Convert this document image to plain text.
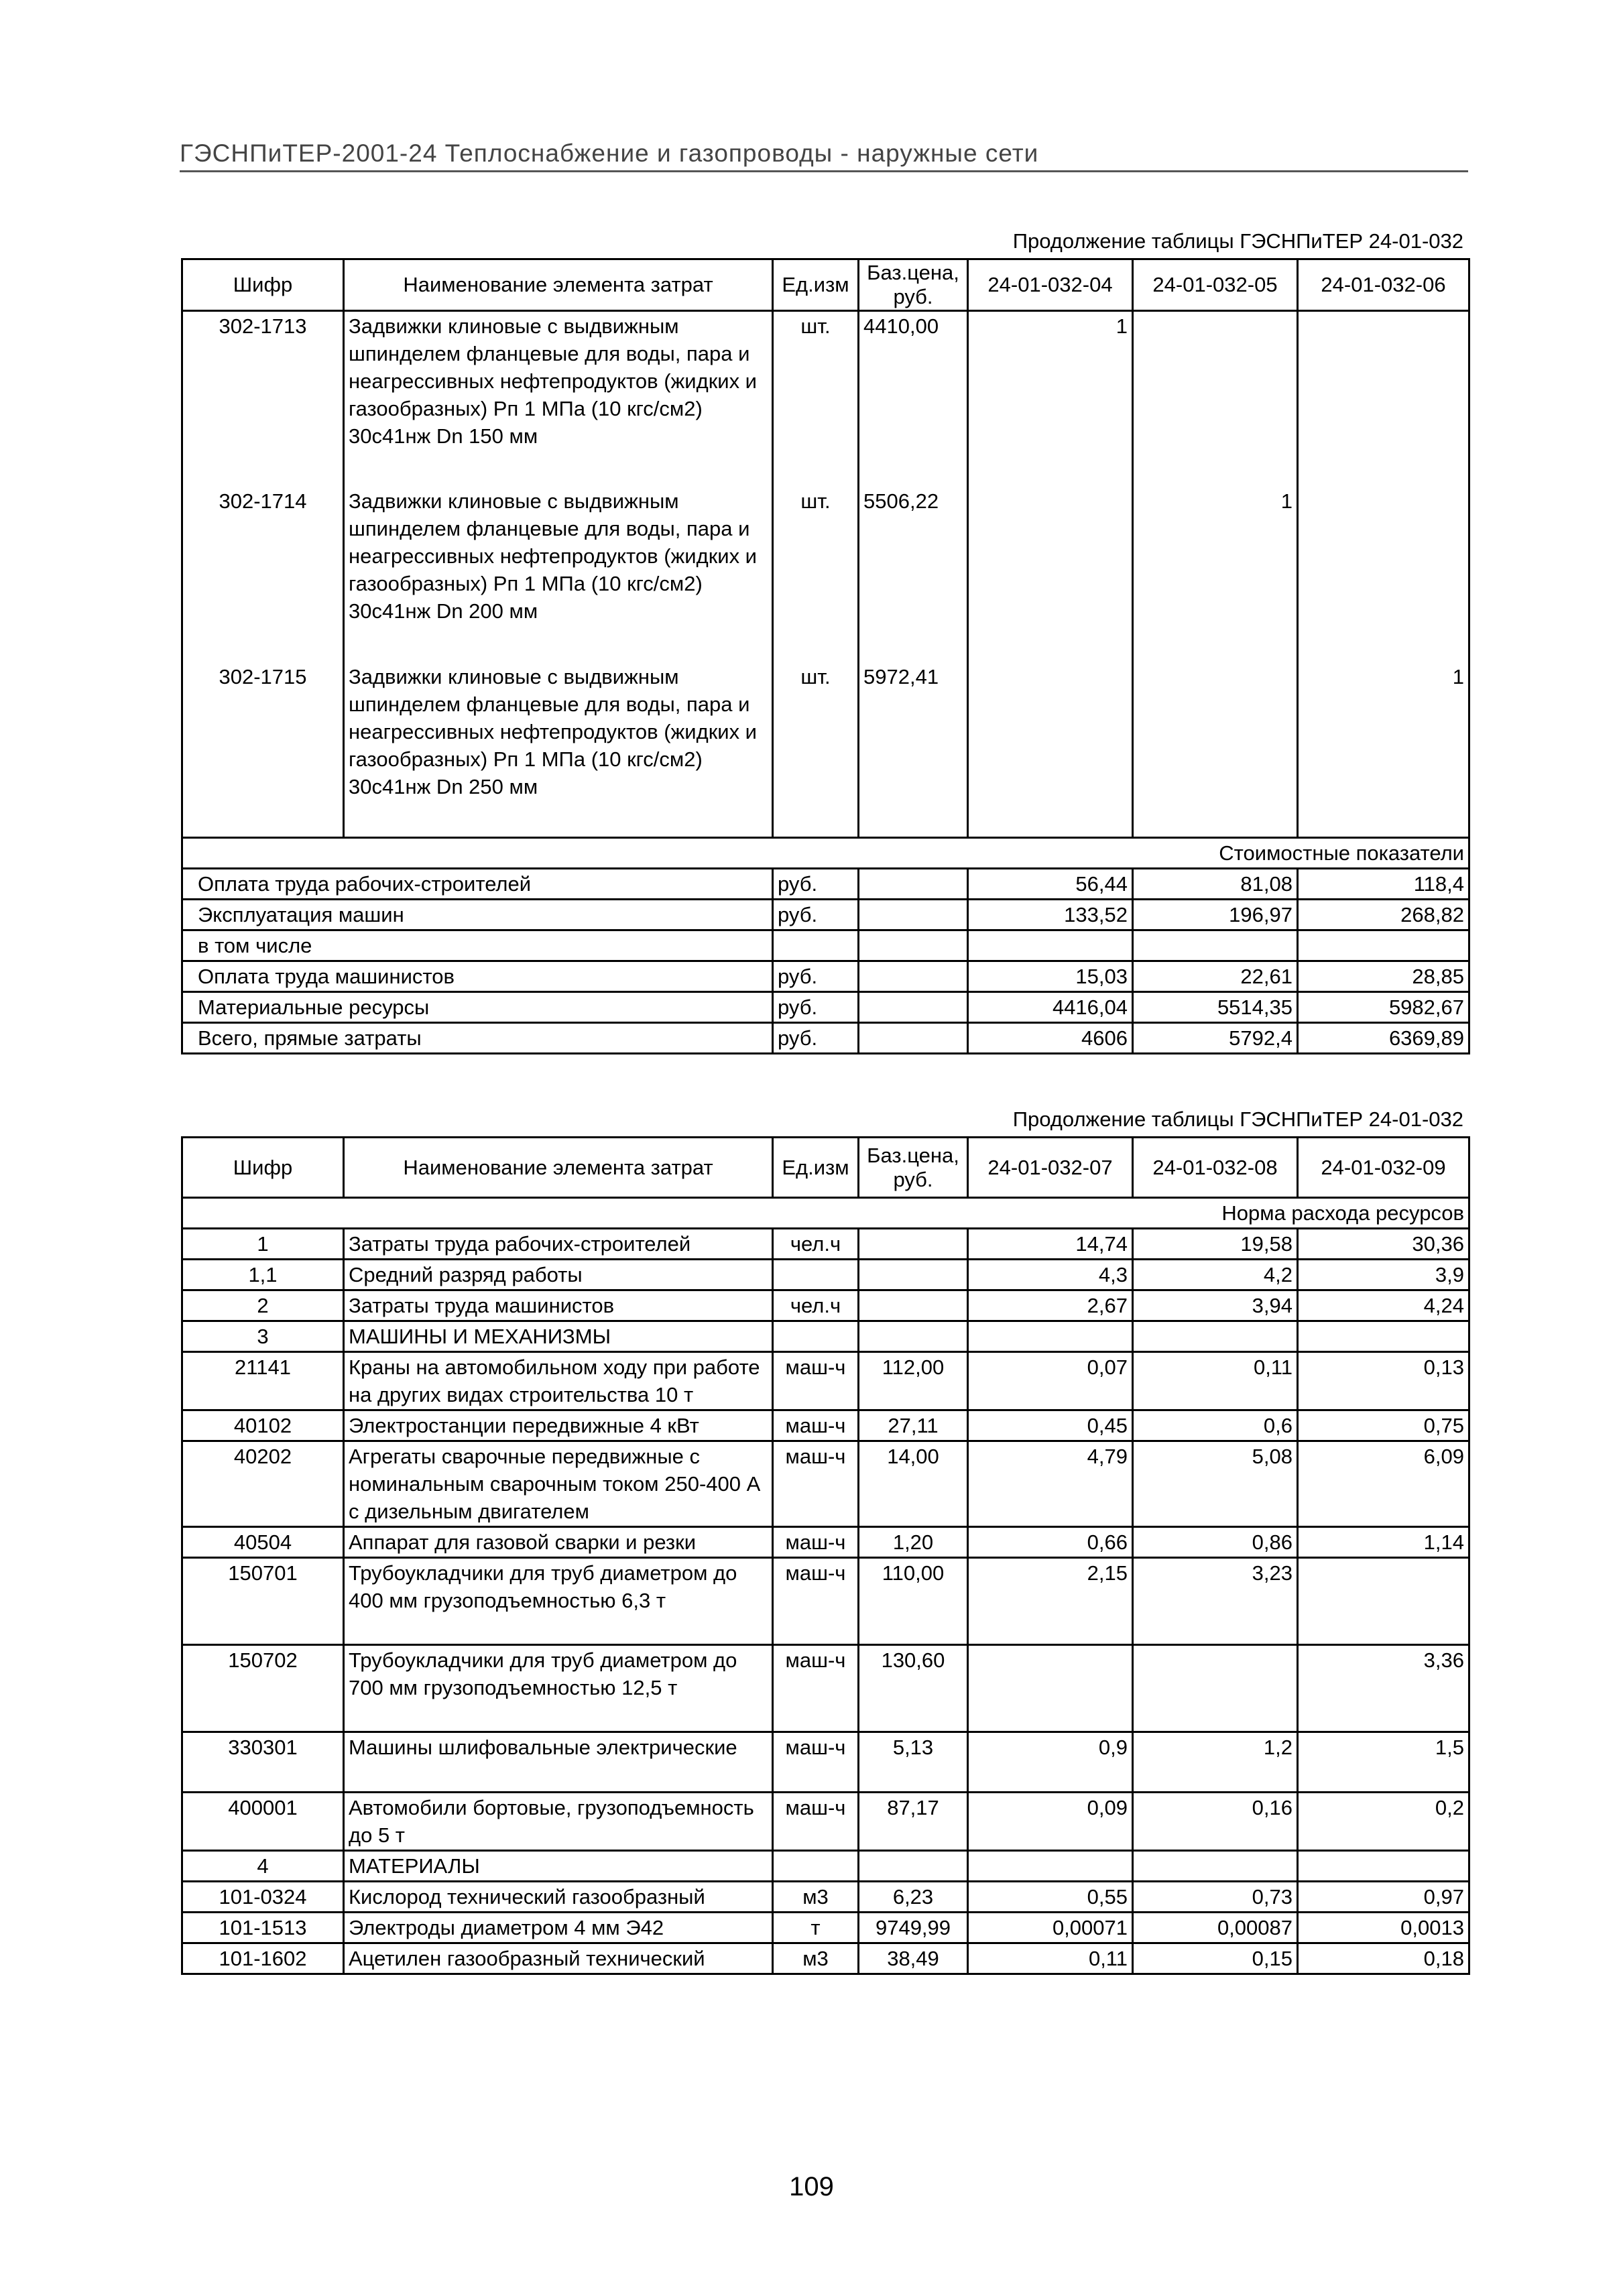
ГЭСНПиТЕР-2001-24 Теплоснабжение и газопроводы - наружные сети
Продолжение таблицы ГЭСНПиТЕР 24-01-032
Шифр	Наименование элемента затрат	Ед.изм	Баз.цена, руб.	24-01-032-04	24-01-032-05	24-01-032-06
302-1713	Задвижки клиновые с выдвижным шпинделем фланцевые для воды, пара и неагрессивных нефтепродуктов (жидких и газообразных) Рп 1 МПа (10 кгс/см2) 30с41нж Dn 150 мм	шт.	4410,00	1		
302-1714	Задвижки клиновые с выдвижным шпинделем фланцевые для воды, пара и неагрессивных нефтепродуктов (жидких и газообразных) Рп 1 МПа (10 кгс/см2) 30с41нж Dn 200 мм	шт.	5506,22		1	
302-1715	Задвижки клиновые с выдвижным шпинделем фланцевые для воды, пара и неагрессивных нефтепродуктов (жидких и газообразных) Рп 1 МПа (10 кгс/см2) 30с41нж Dn 250 мм	шт.	5972,41			1
Стоимостные показатели						
Оплата труда рабочих-строителей		руб.		56,44	81,08	118,4
Эксплуатация машин		руб.		133,52	196,97	268,82
в том числе						
Оплата труда машинистов		руб.		15,03	22,61	28,85
Материальные ресурсы		руб.		4416,04	5514,35	5982,67
Всего, прямые затраты		руб.		4606	5792,4	6369,89
Продолжение таблицы ГЭСНПиТЕР 24-01-032
Шифр	Наименование элемента затрат	Ед.изм	Баз.цена, руб.	24-01-032-07	24-01-032-08	24-01-032-09
Норма расхода ресурсов						
1	Затраты труда рабочих-строителей	чел.ч		14,74	19,58	30,36
1,1	Средний разряд работы			4,3	4,2	3,9
2	Затраты труда машинистов	чел.ч		2,67	3,94	4,24
3	МАШИНЫ И МЕХАНИЗМЫ					
21141	Краны на автомобильном ходу при работе на других видах строительства 10 т	маш-ч	112,00	0,07	0,11	0,13
40102	Электростанции передвижные 4 кВт	маш-ч	27,11	0,45	0,6	0,75
40202	Агрегаты сварочные передвижные с номинальным сварочным током 250-400 А с дизельным двигателем	маш-ч	14,00	4,79	5,08	6,09
40504	Аппарат для газовой сварки и резки	маш-ч	1,20	0,66	0,86	1,14
150701	Трубоукладчики для труб диаметром до 400 мм грузоподъемностью 6,3 т	маш-ч	110,00	2,15	3,23	
150702	Трубоукладчики для труб диаметром до 700 мм грузоподъемностью 12,5 т	маш-ч	130,60			3,36
330301	Машины шлифовальные электрические	маш-ч	5,13	0,9	1,2	1,5
400001	Автомобили бортовые, грузоподъемность до 5 т	маш-ч	87,17	0,09	0,16	0,2
4	МАТЕРИАЛЫ					
101-0324	Кислород технический газообразный	м3	6,23	0,55	0,73	0,97
101-1513	Электроды диаметром 4 мм Э42	т	9749,99	0,00071	0,00087	0,0013
101-1602	Ацетилен газообразный технический	м3	38,49	0,11	0,15	0,18
109
